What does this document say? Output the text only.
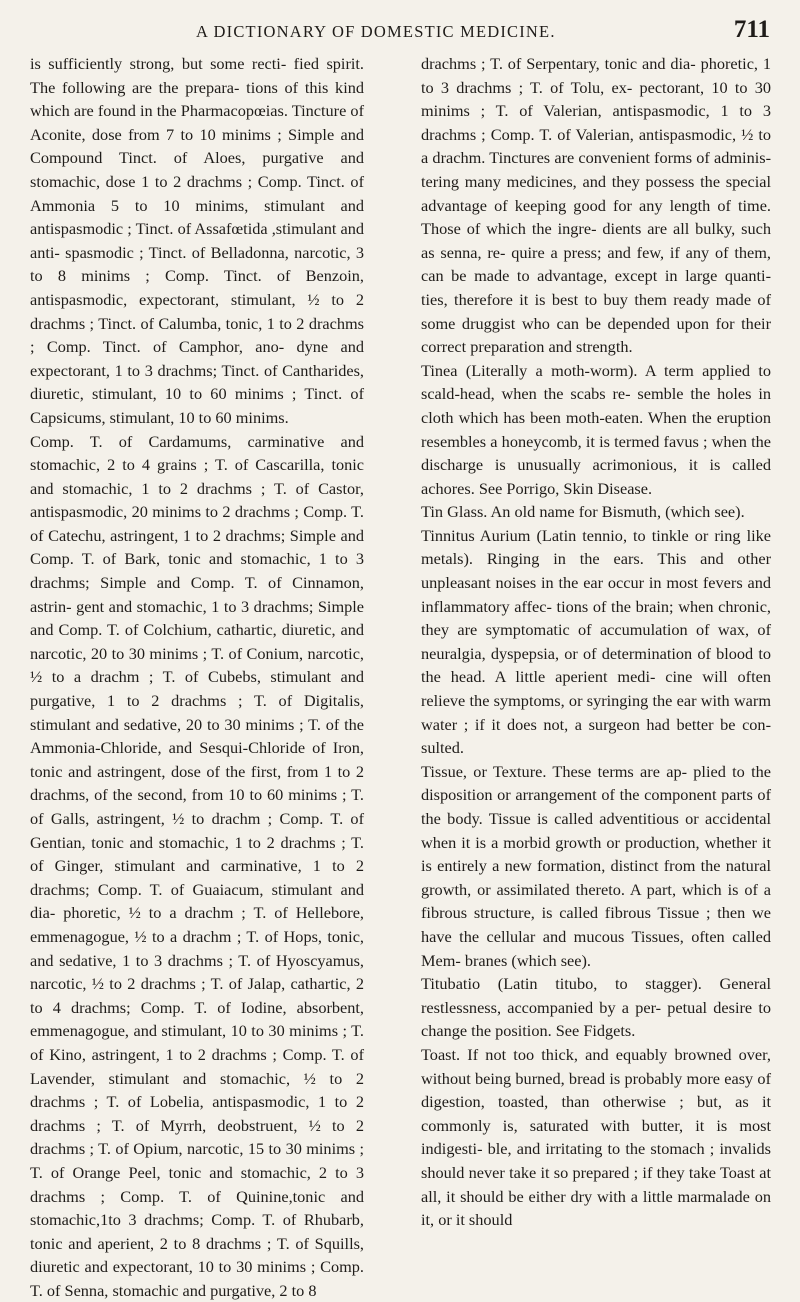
A DICTIONARY OF DOMESTIC MEDICINE.	711

is sufficiently strong, but some recti- fied spirit. The following are the prepara- tions of this kind which are found in the Pharmacopœias. Tincture of Aconite, dose from 7 to 10 minims ; Simple and Compound Tinct. of Aloes, purgative and stomachic, dose 1 to 2 drachms ; Comp. Tinct. of Ammonia 5 to 10 minims, stimulant and antispasmodic ; Tinct. of Assafœtida ,stimulant and anti- spasmodic ; Tinct. of Belladonna, narcotic, 3 to 8 minims ; Comp. Tinct. of Benzoin, antispasmodic, expectorant, stimulant, ½ to 2 drachms ; Tinct. of Calumba, tonic, 1 to 2 drachms ; Comp. Tinct. of Camphor, ano- dyne and expectorant, 1 to 3 drachms; Tinct. of Cantharides, diuretic, stimulant, 10 to 60 minims ; Tinct. of Capsicums, stimulant, 10 to 60 minims.

Comp. T. of Cardamums, carminative and stomachic, 2 to 4 grains ; T. of Cascarilla, tonic and stomachic, 1 to 2 drachms ; T. of Castor, antispasmodic, 20 minims to 2 drachms ; Comp. T. of Catechu, astringent, 1 to 2 drachms; Simple and Comp. T. of Bark, tonic and stomachic, 1 to 3 drachms; Simple and Comp. T. of Cinnamon, astrin- gent and stomachic, 1 to 3 drachms; Simple and Comp. T. of Colchium, cathartic, diuretic, and narcotic, 20 to 30 minims ; T. of Conium, narcotic, ½ to a drachm ; T. of Cubebs, stimulant and purgative, 1 to 2 drachms ; T. of Digitalis, stimulant and sedative, 20 to 30 minims ; T. of the Ammonia-Chloride, and Sesqui-Chloride of Iron, tonic and astringent, dose of the first, from 1 to 2 drachms, of the second, from 10 to 60 minims ; T. of Galls, astringent, ½ to drachm ; Comp. T. of Gentian, tonic and stomachic, 1 to 2 drachms ; T. of Ginger, stimulant and carminative, 1 to 2 drachms; Comp. T. of Guaiacum, stimulant and dia- phoretic, ½ to a drachm ; T. of Hellebore, emmenagogue, ½ to a drachm ; T. of Hops, tonic, and sedative, 1 to 3 drachms ; T. of Hyoscyamus, narcotic, ½ to 2 drachms ; T. of Jalap, cathartic, 2 to 4 drachms; Comp. T. of Iodine, absorbent, emmenagogue, and stimulant, 10 to 30 minims ; T. of Kino, astringent, 1 to 2 drachms ; Comp. T. of Lavender, stimulant and stomachic, ½ to 2 drachms ; T. of Lobelia, antispasmodic, 1 to 2 drachms ; T. of Myrrh, deobstruent, ½ to 2 drachms ; T. of Opium, narcotic, 15 to 30 minims ; T. of Orange Peel, tonic and stomachic, 2 to 3 drachms ; Comp. T. of Quinine,tonic and stomachic,1to 3 drachms; Comp. T. of Rhubarb, tonic and aperient, 2 to 8 drachms ; T. of Squills, diuretic and expectorant, 10 to 30 minims ; Comp. T. of Senna, stomachic and purgative, 2 to 8

drachms ; T. of Serpentary, tonic and dia- phoretic, 1 to 3 drachms ; T. of Tolu, ex- pectorant, 10 to 30 minims ; T. of Valerian, antispasmodic, 1 to 3 drachms ; Comp. T. of Valerian, antispasmodic, ½ to a drachm. Tinctures are convenient forms of adminis- tering many medicines, and they possess the special advantage of keeping good for any length of time. Those of which the ingre- dients are all bulky, such as senna, re- quire a press; and few, if any of them, can be made to advantage, except in large quanti- ties, therefore it is best to buy them ready made of some druggist who can be depended upon for their correct preparation and strength.

Tinea (Literally a moth-worm). A term applied to scald-head, when the scabs re- semble the holes in cloth which has been moth-eaten. When the eruption resembles a honeycomb, it is termed favus ; when the discharge is unusually acrimonious, it is called achores. See Porrigo, Skin Disease.

Tin Glass. An old name for Bismuth, (which see).

Tinnitus Aurium (Latin tennio, to tinkle or ring like metals). Ringing in the ears. This and other unpleasant noises in the ear occur in most fevers and inflammatory affec- tions of the brain; when chronic, they are symptomatic of accumulation of wax, of neuralgia, dyspepsia, or of determination of blood to the head. A little aperient medi- cine will often relieve the symptoms, or syringing the ear with warm water ; if it does not, a surgeon had better be con- sulted.

Tissue, or Texture. These terms are ap- plied to the disposition or arrangement of the component parts of the body. Tissue is called adventitious or accidental when it is a morbid growth or production, whether it is entirely a new formation, distinct from the natural growth, or assimilated thereto. A part, which is of a fibrous structure, is called fibrous Tissue ; then we have the cellular and mucous Tissues, often called Mem- branes (which see).

Titubatio (Latin titubo, to stagger). General restlessness, accompanied by a per- petual desire to change the position. See Fidgets.

Toast. If not too thick, and equably browned over, without being burned, bread is probably more easy of digestion, toasted, than otherwise ; but, as it commonly is, saturated with butter, it is most indigesti- ble, and irritating to the stomach ; invalids should never take it so prepared ; if they take Toast at all, it should be either dry with a little marmalade on it, or it should
